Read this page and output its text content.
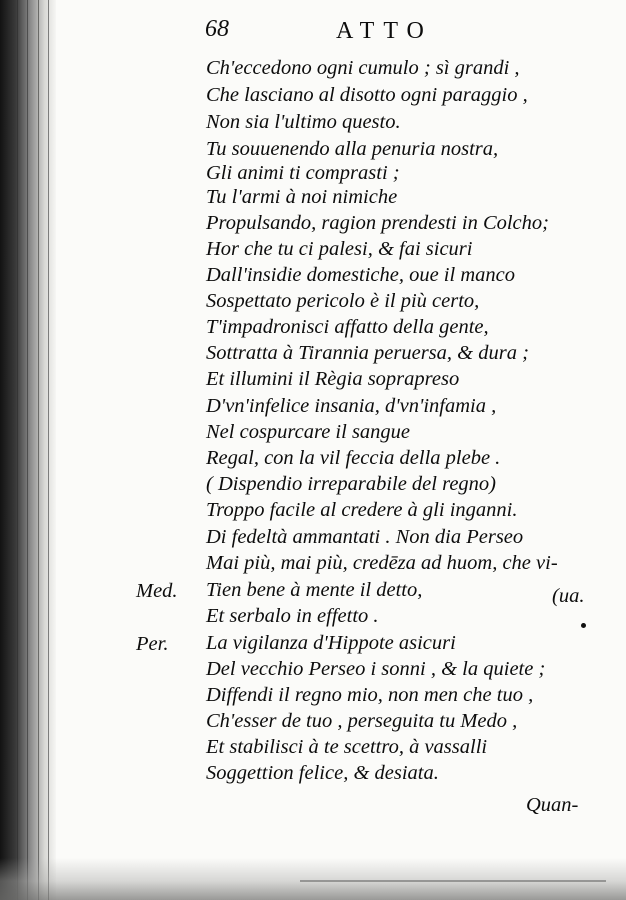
68	ATTO
Ch'eccedono ogni cumulo ; sì grandi ,
Che lasciano al disotto ogni paraggio ,
Non sia l'ultimo questo.
Tu souuenendo alla penuria nostra,
Gli animi ti comprasti ;
Tu l'armi à noi nimiche
Propulsando, ragion prendesti in Colcho;
Hor che tu ci palesi, & fai sicuri
Dall'insidie domestiche, oue il manco
Sospettato pericolo è il più certo,
T'impadronisci affatto della gente,
Sottratta à Tirannia peruersa, & dura ;
Et illumini il Règia soprapreso
D'vn'infelice insania, d'vn'infamia ,
Nel cospurcare il sangue
Regal, con la vil feccia della plebe .
( Dispendio irreparabile del regno)
Troppo facile al credere à gli inganni.
Di fedeltà ammantati . Non dia Perseo
Mai più, mai più, credēza ad huom, che vi-
Med. Tien bene à mente il detto,	(ua.
Et serbalo in effetto .
Per. La vigilanza d'Hippote asicuri
Del vecchio Perseo i sonni , & la quiete ;
Diffendi il regno mio, non men che tuo ,
Ch'esser de tuo , perseguita tu Medo ,
Et stabilisci à te scettro, à vassalli
Soggettion felice, & desiata.
Quan-
